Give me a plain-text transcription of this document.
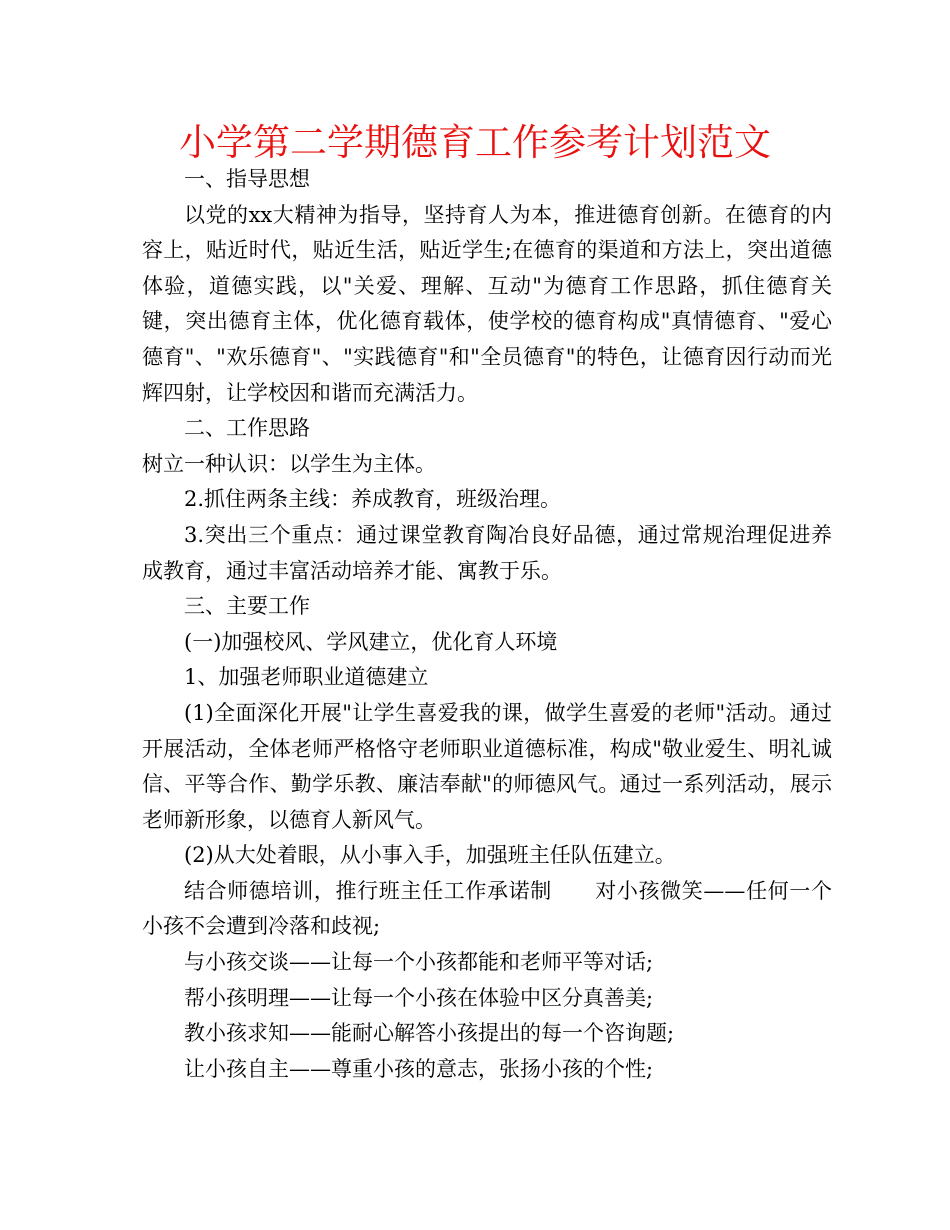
小学第二学期德育工作参考计划范文

一、指导思想

以党的xx大精神为指导，坚持育人为本，推进德育创新。在德育的内容上，贴近时代，贴近生活，贴近学生;在德育的渠道和方法上，突出道德体验，道德实践，以"关爱、理解、互动"为德育工作思路，抓住德育关键，突出德育主体，优化德育载体，使学校的德育构成"真情德育、"爱心德育"、"欢乐德育"、"实践德育"和"全员德育"的特色，让德育因行动而光辉四射，让学校因和谐而充满活力。

二、工作思路

树立一种认识：以学生为主体。

2.抓住两条主线：养成教育，班级治理。

3.突出三个重点：通过课堂教育陶冶良好品德，通过常规治理促进养成教育，通过丰富活动培养才能、寓教于乐。

三、主要工作

(一)加强校风、学风建立，优化育人环境

1、加强老师职业道德建立

(1)全面深化开展"让学生喜爱我的课，做学生喜爱的老师"活动。通过开展活动，全体老师严格恪守老师职业道德标准，构成"敬业爱生、明礼诚信、平等合作、勤学乐教、廉洁奉献"的师德风气。通过一系列活动，展示老师新形象，以德育人新风气。

(2)从大处着眼，从小事入手，加强班主任队伍建立。

结合师德培训，推行班主任工作承诺制　　对小孩微笑——任何一个小孩不会遭到冷落和歧视;

与小孩交谈——让每一个小孩都能和老师平等对话;

帮小孩明理——让每一个小孩在体验中区分真善美;

教小孩求知——能耐心解答小孩提出的每一个咨询题;

让小孩自主——尊重小孩的意志，张扬小孩的个性;
